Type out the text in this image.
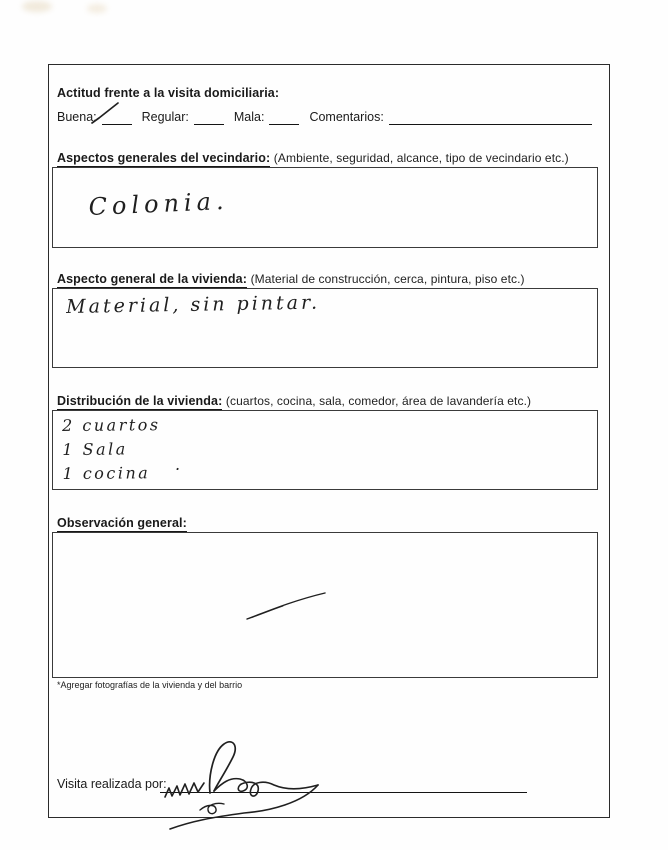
Actitud frente a la visita domiciliaria:
Buena:	Regular:	Mala:	Comentarios:
Aspectos generales del vecindario: (Ambiente, seguridad, alcance, tipo de vecindario etc.)
Colonia.
Aspecto general de la vivienda: (Material de construcción, cerca, pintura, piso etc.)
Material, sin pintar.
Distribución de la vivienda: (cuartos, cocina, sala, comedor, área de lavandería etc.)
2 cuartos
1 Sala
1 cocina	.
Observación general:
*Agregar fotografías de la vivienda y del barrio
Visita realizada por:
